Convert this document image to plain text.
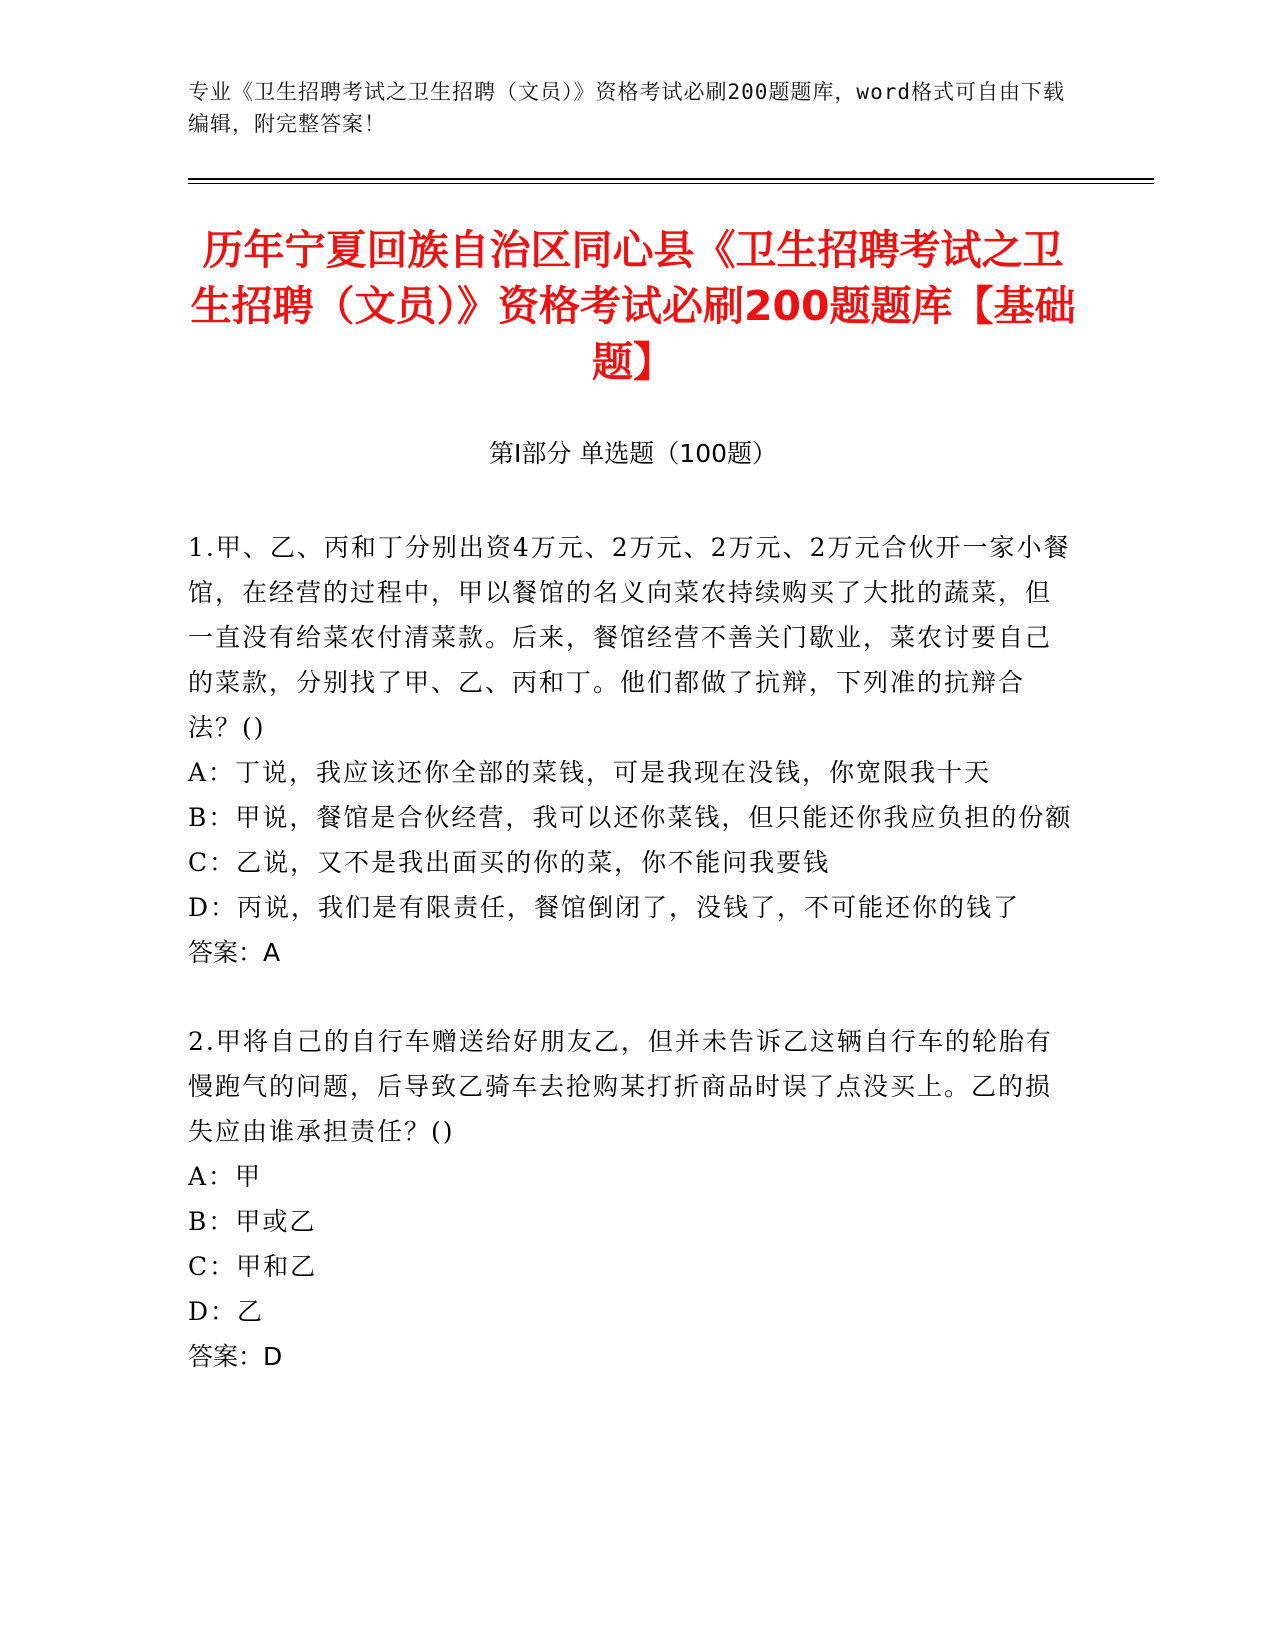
专业《卫生招聘考试之卫生招聘（文员）》资格考试必刷200题题库，word格式可自由下载编辑，附完整答案！
历年宁夏回族自治区同心县《卫生招聘考试之卫生招聘（文员）》资格考试必刷200题题库【基础题】
第Ⅰ部分 单选题（100题）

1.甲、乙、丙和丁分别出资4万元、2万元、2万元、2万元合伙开一家小餐馆，在经营的过程中，甲以餐馆的名义向菜农持续购买了大批的蔬菜，但一直没有给菜农付清菜款。后来，餐馆经营不善关门歇业，菜农讨要自己的菜款，分别找了甲、乙、丙和丁。他们都做了抗辩，下列准的抗辩合法？()

A：丁说，我应该还你全部的菜钱，可是我现在没钱，你宽限我十天

B：甲说，餐馆是合伙经营，我可以还你菜钱，但只能还你我应负担的份额

C：乙说，又不是我出面买的你的菜，你不能问我要钱

D：丙说，我们是有限责任，餐馆倒闭了，没钱了，不可能还你的钱了

答案：A

2.甲将自己的自行车赠送给好朋友乙，但并未告诉乙这辆自行车的轮胎有慢跑气的问题，后导致乙骑车去抢购某打折商品时误了点没买上。乙的损失应由谁承担责任？()

A：甲

B：甲或乙

C：甲和乙

D：乙

答案：D
